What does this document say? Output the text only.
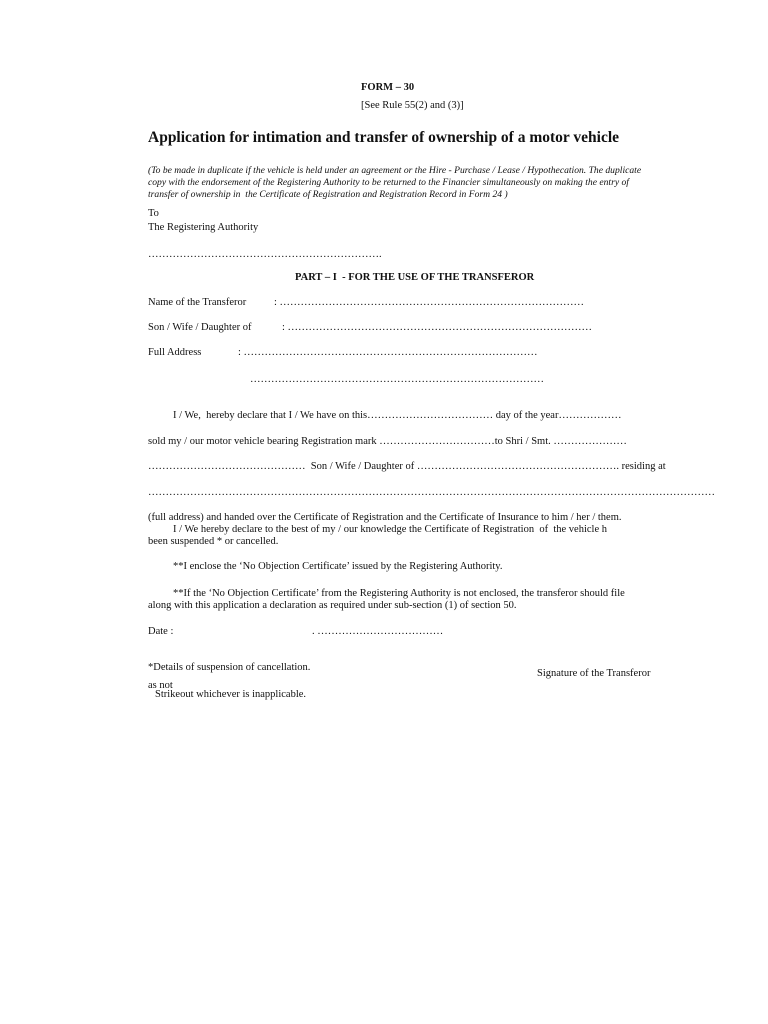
FORM – 30
[See Rule 55(2) and (3)]
Application for intimation and transfer of ownership of a motor vehicle
(To be made in duplicate if the vehicle is held under an agreement or the Hire - Purchase / Lease / Hypothecation. The duplicate
copy with the endorsement of the Registering Authority to be returned to the Financier simultaneously on making the entry of
transfer of ownership in  the Certificate of Registration and Registration Record in Form 24 )
To
The Registering Authority
………………………………………………………….
PART – I  - FOR THE USE OF THE TRANSFEROR
Name of the Transferor	: ……………………………………………………………………………
Son / Wife / Daughter of	: ……………………………………………………………………………
Full Address	: …………………………………………………………………………
…………………………………………………………………………
I / We,  hereby declare that I / We have on this……………………………… day of the year………………
sold my / our motor vehicle bearing Registration mark ……………………………to Shri / Smt. …………………
………………………………………  Son / Wife / Daughter of …………………………………………………. residing at
………………………………………………………………………………………………………………………………………………
(full address) and handed over the Certificate of Registration and the Certificate of Insurance to him / her / them.
I / We hereby declare to the best of my / our knowledge the Certificate of Registration  of  the vehicle h
been suspended * or cancelled.
**I enclose the ‘No Objection Certificate’ issued by the Registering Authority.
**If the ‘No Objection Certificate’ from the Registering Authority is not enclosed, the transferor should file
along with this application a declaration as required under sub-section (1) of section 50.
Date :	. ………………………………
*Details of suspension of cancellation.
Signature of the Transferor
as not
Strikeout whichever is inapplicable.
